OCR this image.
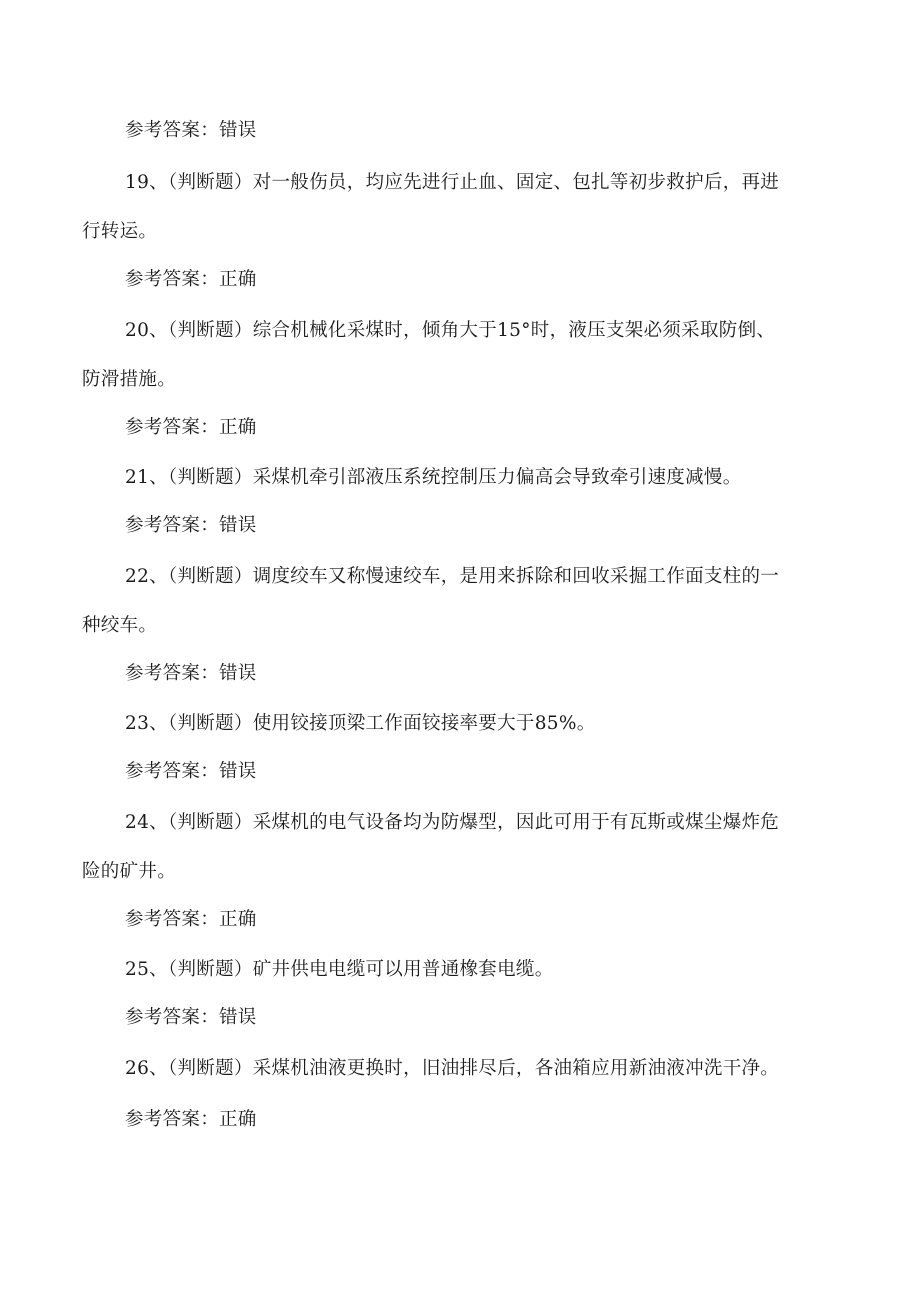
参考答案：错误
19、（判断题）对一般伤员，均应先进行止血、固定、包扎等初步救护后，再进
行转运。
参考答案：正确
20、（判断题）综合机械化采煤时，倾角大于15°时，液压支架必须采取防倒、
防滑措施。
参考答案：正确
21、（判断题）采煤机牵引部液压系统控制压力偏高会导致牵引速度减慢。
参考答案：错误
22、（判断题）调度绞车又称慢速绞车，是用来拆除和回收采掘工作面支柱的一
种绞车。
参考答案：错误
23、（判断题）使用铰接顶梁工作面铰接率要大于85%。
参考答案：错误
24、（判断题）采煤机的电气设备均为防爆型，因此可用于有瓦斯或煤尘爆炸危
险的矿井。
参考答案：正确
25、（判断题）矿井供电电缆可以用普通橡套电缆。
参考答案：错误
26、（判断题）采煤机油液更换时，旧油排尽后，各油箱应用新油液冲洗干净。
参考答案：正确
